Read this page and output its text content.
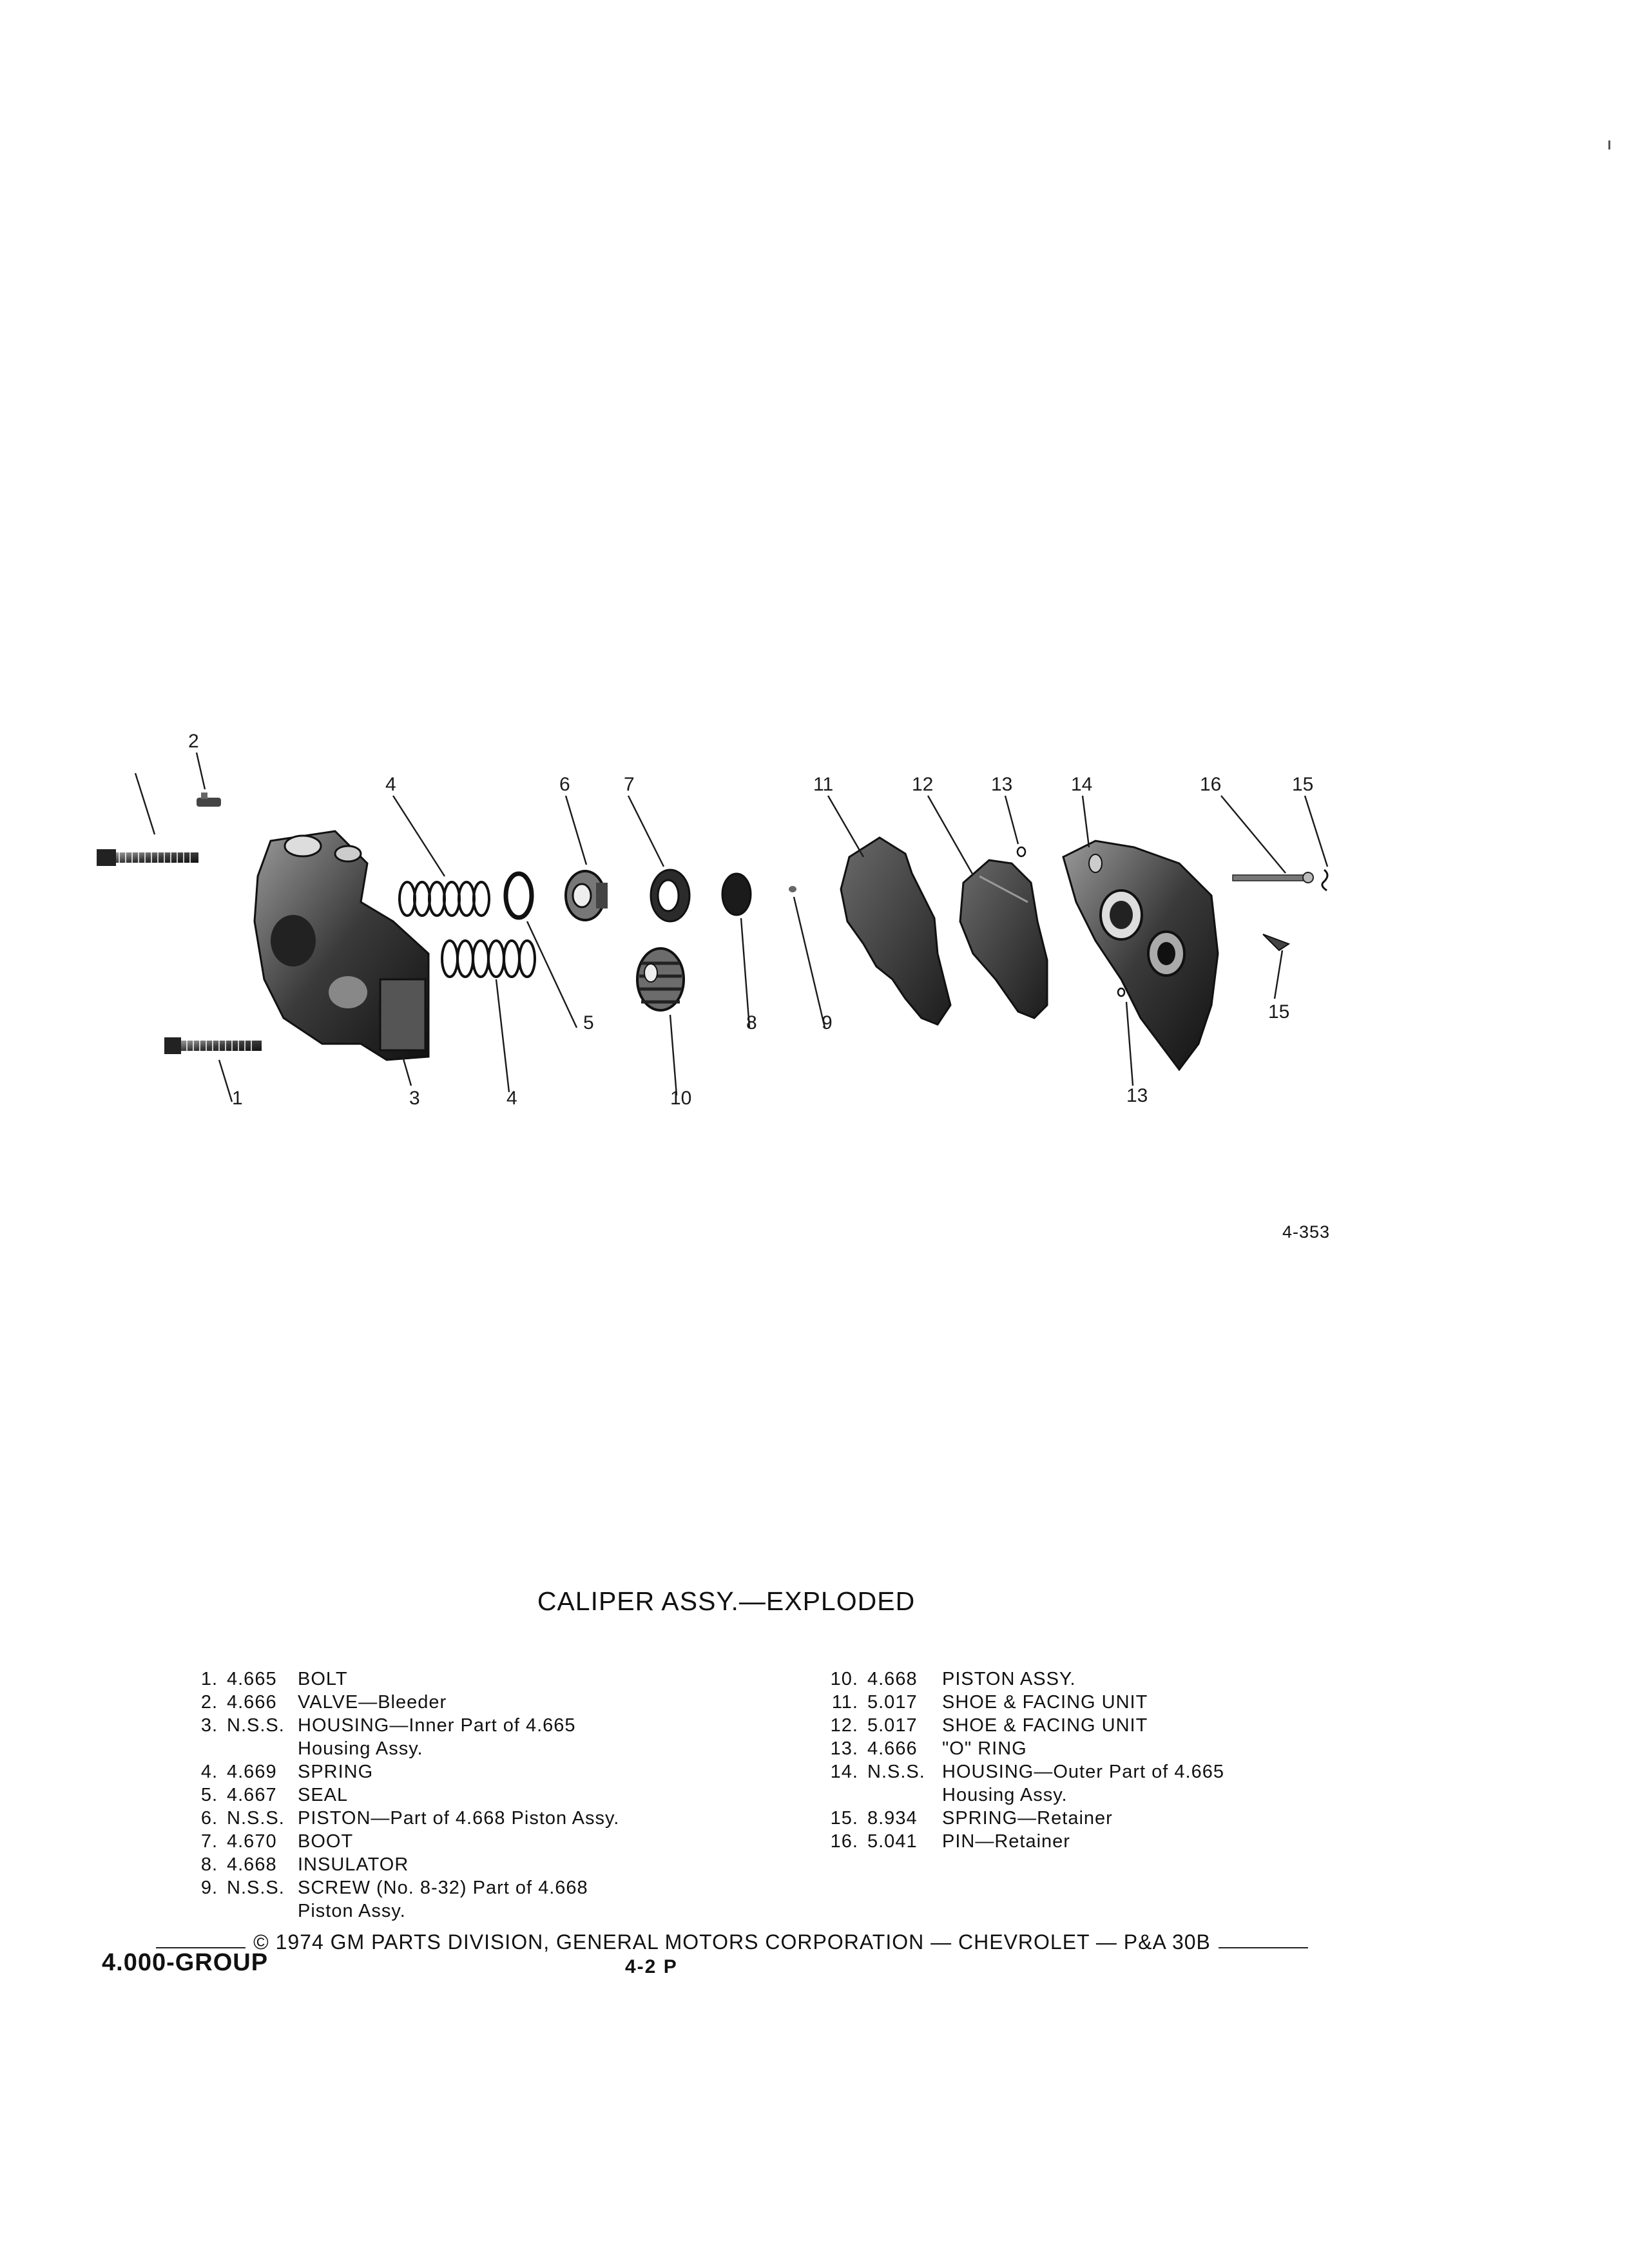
1
2
3
4
4
5
6	7
8	9
10
11	12	13
13
14	16	15
15
4-353
CALIPER ASSY.—EXPLODED
1. 4.665	BOLT
2. 4.666	VALVE—Bleeder
3. N.S.S. HOUSING—Inner Part of 4.665
Housing Assy.
4. 4.669	SPRING
5. 4.667	SEAL
6. N.S.S. PISTON—Part of 4.668 Piston Assy.
7. 4.670	BOOT
8. 4.668	INSULATOR
9. N.S.S. SCREW (No. 8-32) Part of 4.668
Piston Assy.
10. 4.668	PISTON ASSY.
11. 5.017	SHOE & FACING UNIT
12. 5.017	SHOE & FACING UNIT
13. 4.666	"O" RING
14. N.S.S. HOUSING—Outer Part of 4.665
Housing Assy.
15. 8.934	SPRING—Retainer
16. 5.041	PIN—Retainer
© 1974 GM PARTS DIVISION, GENERAL MOTORS CORPORATION — CHEVROLET — P&A 30B
4.000-GROUP	4-2 P
